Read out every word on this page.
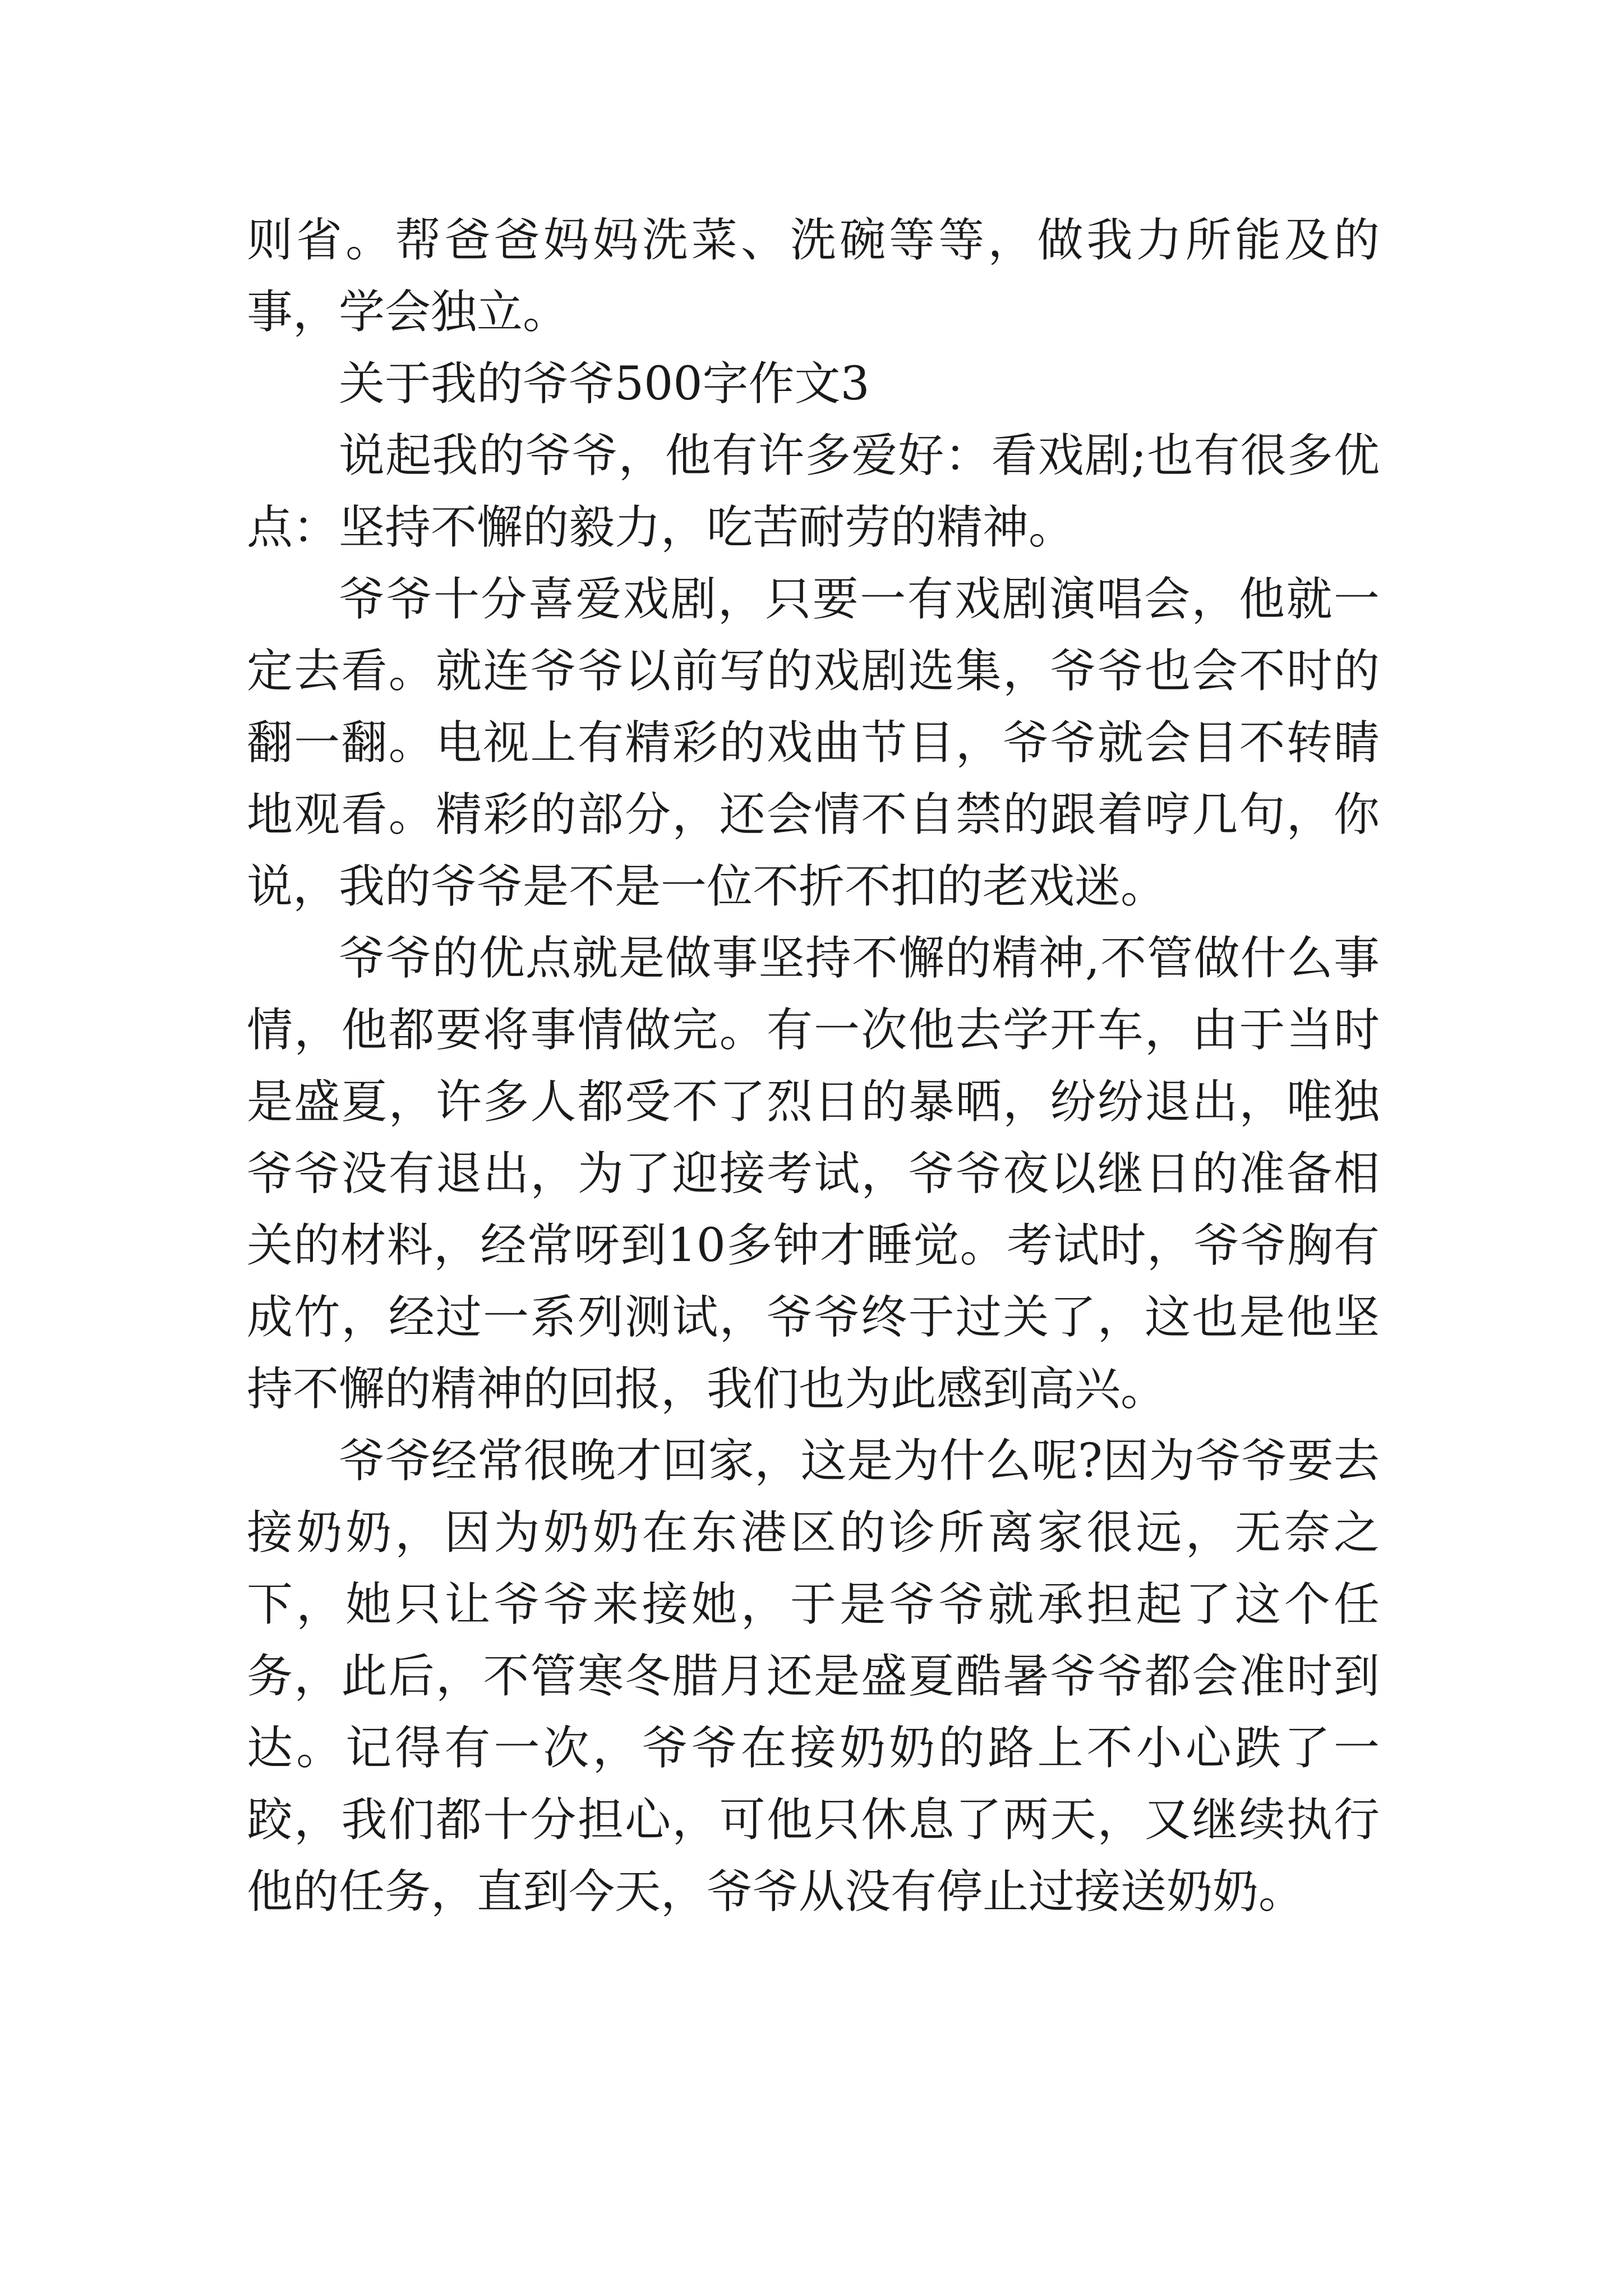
则省。帮爸爸妈妈洗菜、洗碗等等，做我力所能及的事，学会独立。

关于我的爷爷500字作文3

说起我的爷爷，他有许多爱好：看戏剧;也有很多优点：坚持不懈的毅力，吃苦耐劳的精神。

爷爷十分喜爱戏剧，只要一有戏剧演唱会，他就一定去看。就连爷爷以前写的戏剧选集，爷爷也会不时的翻一翻。电视上有精彩的戏曲节目，爷爷就会目不转睛地观看。精彩的部分，还会情不自禁的跟着哼几句，你说，我的爷爷是不是一位不折不扣的老戏迷。

爷爷的优点就是做事坚持不懈的精神,不管做什么事情，他都要将事情做完。有一次他去学开车，由于当时是盛夏，许多人都受不了烈日的暴晒，纷纷退出，唯独爷爷没有退出，为了迎接考试，爷爷夜以继日的准备相关的材料，经常呀到10多钟才睡觉。考试时，爷爷胸有成竹，经过一系列测试，爷爷终于过关了，这也是他坚持不懈的精神的回报，我们也为此感到高兴。

爷爷经常很晚才回家，这是为什么呢?因为爷爷要去接奶奶，因为奶奶在东港区的诊所离家很远，无奈之下，她只让爷爷来接她，于是爷爷就承担起了这个任务，此后，不管寒冬腊月还是盛夏酷暑爷爷都会准时到达。记得有一次，爷爷在接奶奶的路上不小心跌了一跤，我们都十分担心，可他只休息了两天，又继续执行他的任务，直到今天，爷爷从没有停止过接送奶奶。
